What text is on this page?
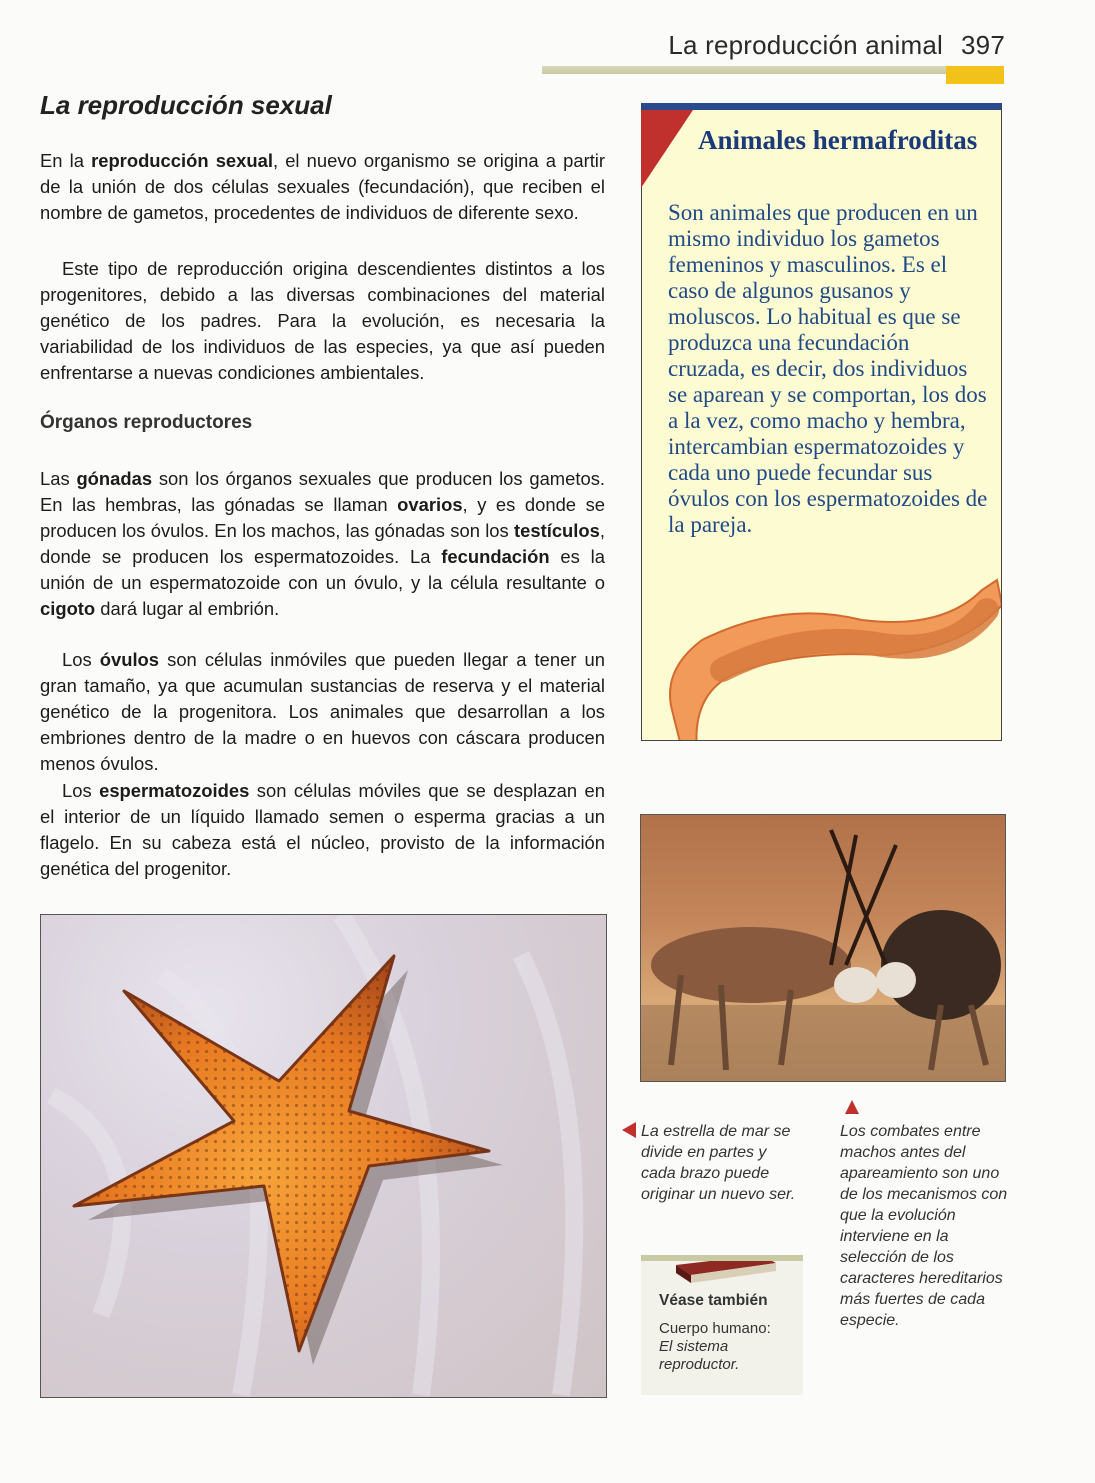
La reproducción animal 397
La reproducción sexual

En la reproducción sexual, el nuevo organismo se origina a partir de la unión de dos células sexuales (fecundación), que reciben el nombre de gametos, procedentes de individuos de diferente sexo.

Este tipo de reproducción origina descendientes distintos a los progenitores, debido a las diversas combinaciones del material genético de los padres. Para la evolución, es necesaria la variabilidad de los individuos de las especies, ya que así pueden enfrentarse a nuevas condiciones ambientales.

Órganos reproductores

Las gónadas son los órganos sexuales que producen los gametos. En las hembras, las gónadas se llaman ovarios, y es donde se producen los óvulos. En los machos, las gónadas son los testículos, donde se producen los espermatozoides. La fecundación es la unión de un espermatozoide con un óvulo, y la célula resultante o cigoto dará lugar al embrión.

Los óvulos son células inmóviles que pueden llegar a tener un gran tamaño, ya que acumulan sustancias de reserva y el material genético de la progenitora. Los animales que desarrollan a los embriones dentro de la madre o en huevos con cáscara producen menos óvulos.

Los espermatozoides son células móviles que se desplazan en el interior de un líquido llamado semen o esperma gracias a un flagelo. En su cabeza está el núcleo, provisto de la información genética del progenitor.

Animales hermafroditas
Son animales que producen en un mismo individuo los gametos femeninos y masculinos. Es el caso de algunos gusanos y moluscos. Lo habitual es que se produzca una fecundación cruzada, es decir, dos individuos se aparean y se comportan, los dos a la vez, como macho y hembra, intercambian espermatozoides y cada uno puede fecundar sus óvulos con los espermatozoides de la pareja.
La estrella de mar se divide en partes y cada brazo puede originar un nuevo ser.
Los combates entre machos antes del apareamiento son uno de los mecanismos con que la evolución interviene en la selección de los caracteres hereditarios más fuertes de cada especie.
Véase también
Cuerpo humano:
El sistema reproductor.
